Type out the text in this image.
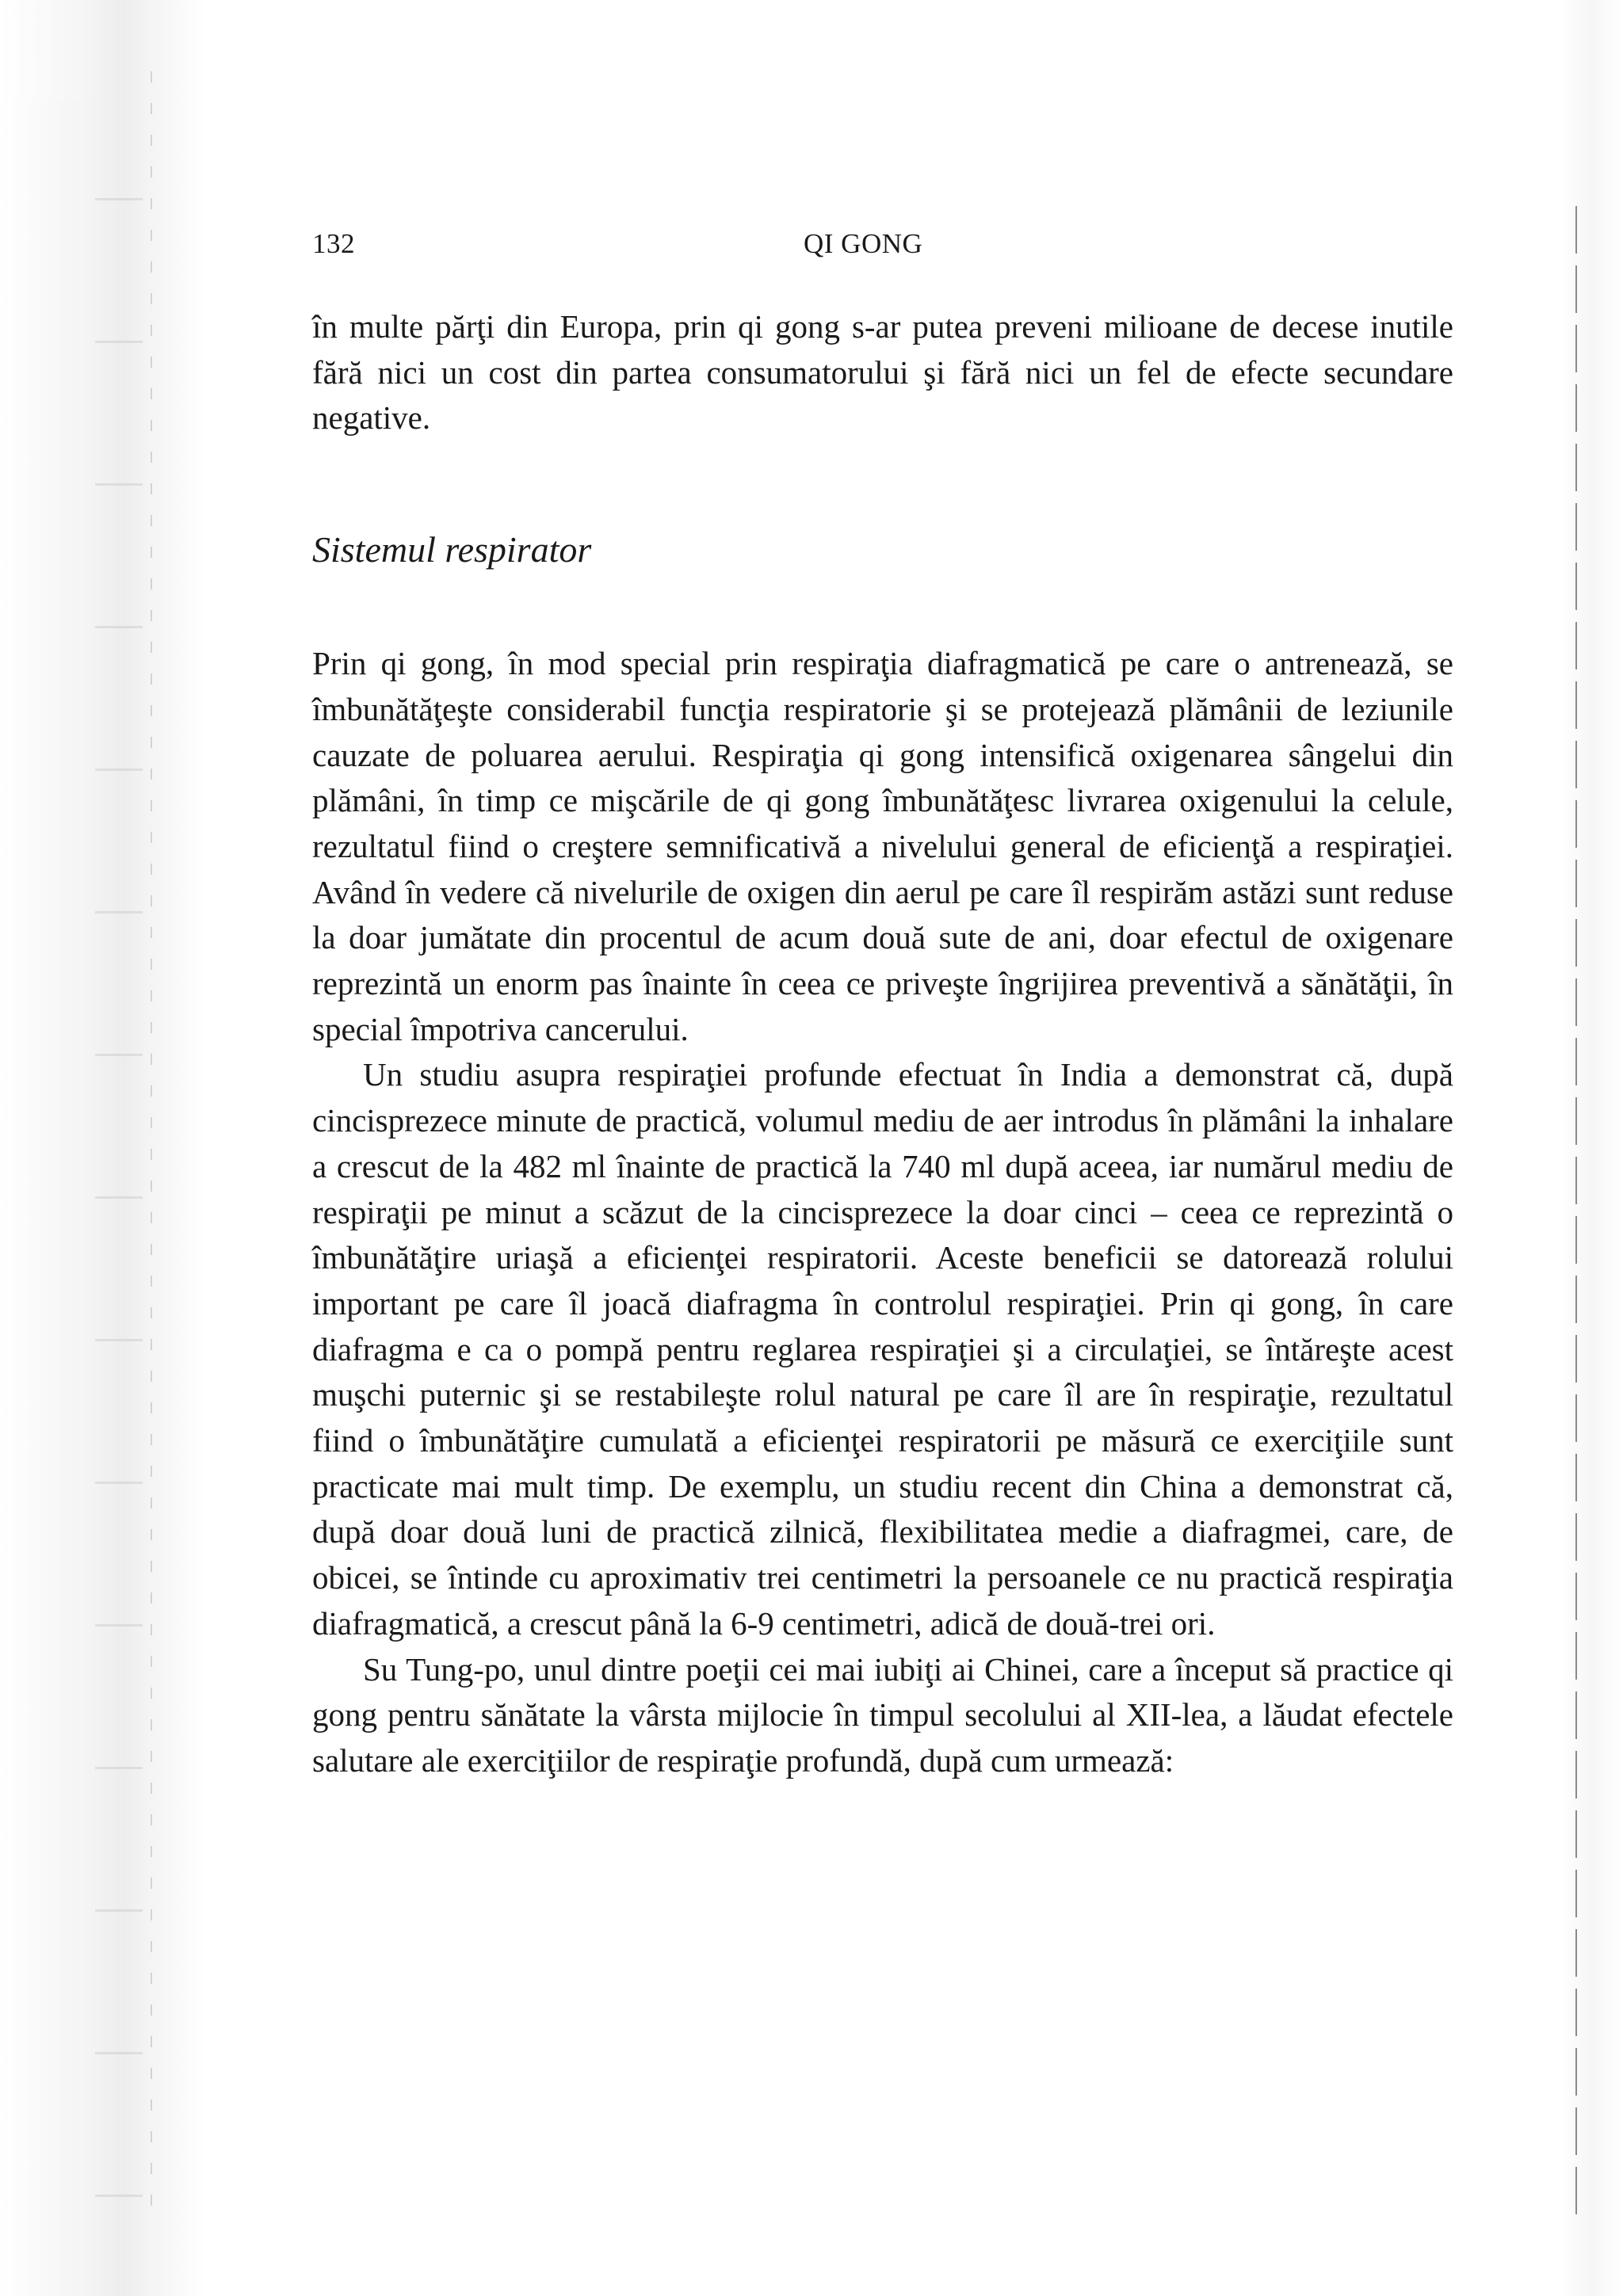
132	QI GONG

în multe părţi din Europa, prin qi gong s-ar putea preveni milioane de decese inutile fără nici un cost din partea consumatorului şi fără nici un fel de efecte secundare negative.

Sistemul respirator

Prin qi gong, în mod special prin respiraţia diafragmatică pe care o antrenează, se îmbunătăţeşte considerabil funcţia respiratorie şi se protejează plămânii de leziunile cauzate de poluarea aerului. Respiraţia qi gong intensifică oxigenarea sângelui din plămâni, în timp ce mişcările de qi gong îmbunătăţesc livrarea oxigenului la celule, rezultatul fiind o creştere semnificativă a nivelului general de eficienţă a respiraţiei. Având în vedere că nivelurile de oxigen din aerul pe care îl respirăm astăzi sunt reduse la doar jumătate din procentul de acum două sute de ani, doar efectul de oxigenare reprezintă un enorm pas înainte în ceea ce priveşte îngrijirea preventivă a sănătăţii, în special împotriva cancerului.

Un studiu asupra respiraţiei profunde efectuat în India a demonstrat că, după cincisprezece minute de practică, volumul mediu de aer introdus în plămâni la inhalare a crescut de la 482 ml înainte de practică la 740 ml după aceea, iar numărul mediu de respiraţii pe minut a scăzut de la cincisprezece la doar cinci – ceea ce reprezintă o îmbunătăţire uriaşă a eficienţei respiratorii. Aceste beneficii se datorează rolului important pe care îl joacă diafragma în controlul respiraţiei. Prin qi gong, în care diafragma e ca o pompă pentru reglarea respiraţiei şi a circulaţiei, se întăreşte acest muşchi puternic şi se restabileşte rolul natural pe care îl are în respiraţie, rezultatul fiind o îmbunătăţire cumulată a eficienţei respiratorii pe măsură ce exerciţiile sunt practicate mai mult timp. De exemplu, un studiu recent din China a demonstrat că, după doar două luni de practică zilnică, flexibilitatea medie a diafragmei, care, de obicei, se întinde cu aproximativ trei centimetri la persoanele ce nu practică respiraţia diafragmatică, a crescut până la 6-9 centimetri, adică de două-trei ori.

Su Tung-po, unul dintre poeţii cei mai iubiţi ai Chinei, care a început să practice qi gong pentru sănătate la vârsta mijlocie în timpul secolului al XII-lea, a lăudat efectele salutare ale exerciţiilor de respiraţie profundă, după cum urmează:
